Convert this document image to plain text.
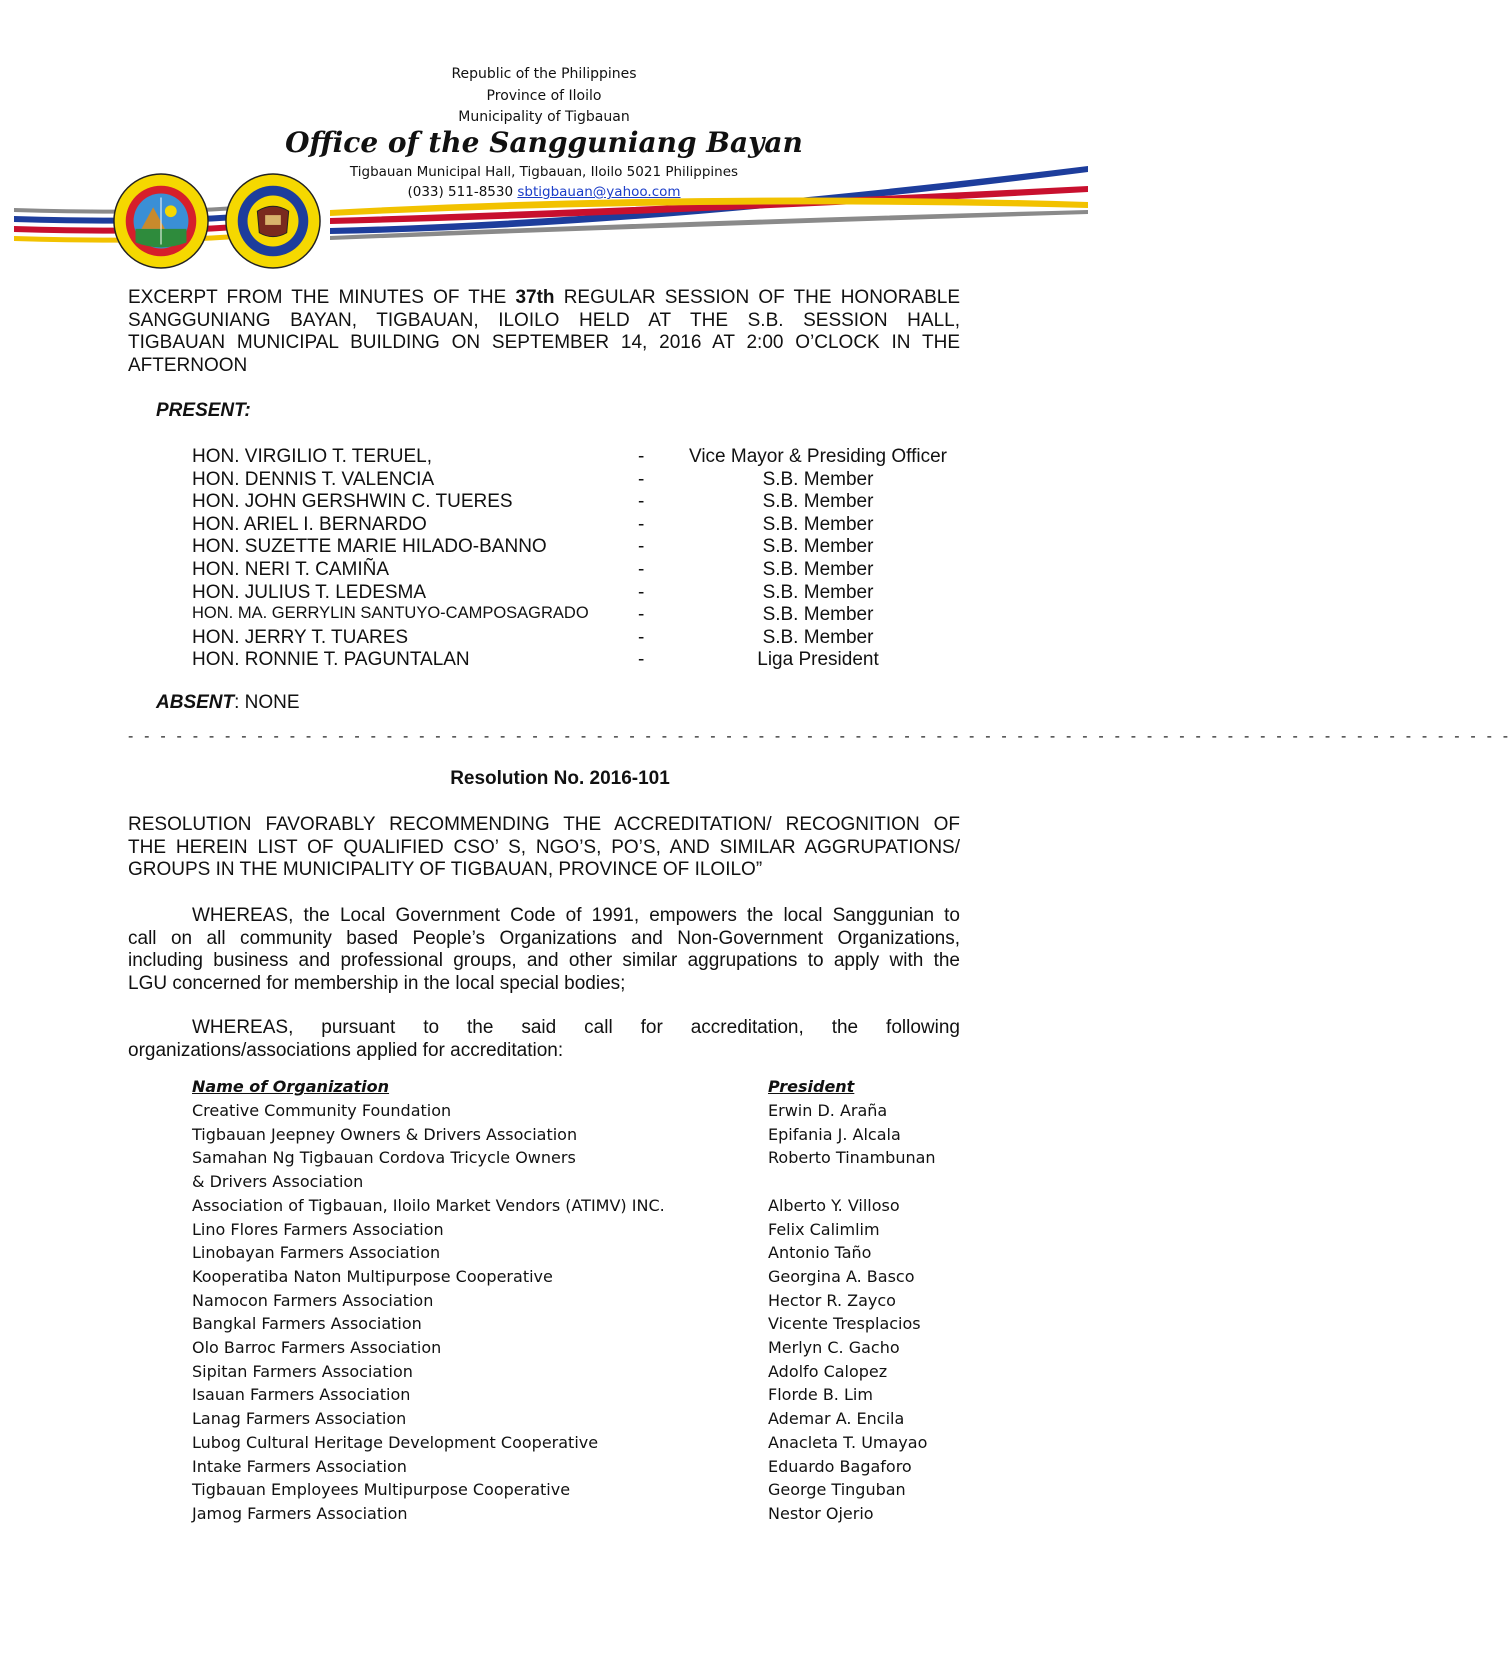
Republic of the Philippines
Province of Iloilo
Municipality of Tigbauan
Office of the Sangguniang Bayan
Tigbauan Municipal Hall, Tigbauan, Iloilo 5021 Philippines
(033) 511-8530 sbtigbauan@yahoo.com
EXCERPT FROM THE MINUTES OF THE 37th REGULAR SESSION OF THE HONORABLE
SANGGUNIANG BAYAN, TIGBAUAN, ILOILO HELD AT THE S.B. SESSION HALL,
TIGBAUAN MUNICIPAL BUILDING ON SEPTEMBER 14, 2016 AT 2:00 O’CLOCK IN THE
AFTERNOON
PRESENT:
HON. VIRGILIO T. TERUEL,	- Vice Mayor & Presiding Officer
HON. DENNIS T. VALENCIA	-	S.B. Member
HON. JOHN GERSHWIN C. TUERES	-	S.B. Member
HON. ARIEL I. BERNARDO	-	S.B. Member
HON. SUZETTE MARIE HILADO-BANNO	-	S.B. Member
HON. NERI T. CAMIÑA	-	S.B. Member
HON. JULIUS T. LEDESMA	-	S.B. Member
HON. MA. GERRYLIN SANTUYO-CAMPOSAGRADO	-	S.B. Member
HON. JERRY T. TUARES	-	S.B. Member
HON. RONNIE T. PAGUNTALAN	-	Liga President
ABSENT: NONE
- - - - - - - - - - - - - - - - - - - - - - - - - - - - - - - - - - - - - - - - - - - - - - - - - - - - - - - - - - - - - - - - - - - - - - - - - - - - - - - - - - - - - -
Resolution No. 2016-101
RESOLUTION FAVORABLY RECOMMENDING THE ACCREDITATION/ RECOGNITION OF
THE HEREIN LIST OF QUALIFIED CSO’ S, NGO’S, PO’S, AND SIMILAR AGGRUPATIONS/
GROUPS IN THE MUNICIPALITY OF TIGBAUAN, PROVINCE OF ILOILO”
WHEREAS, the Local Government Code of 1991, empowers the local Sanggunian to
call on all community based People’s Organizations and Non-Government Organizations,
including business and professional groups, and other similar aggrupations to apply with the
LGU concerned for membership in the local special bodies;
WHEREAS, pursuant to the said call for accreditation, the following
organizations/associations applied for accreditation:
Name of Organization	President
Creative Community Foundation	Erwin D. Araña
Tigbauan Jeepney Owners & Drivers Association	Epifania J. Alcala
Samahan Ng Tigbauan Cordova Tricycle Owners	Roberto Tinambunan
& Drivers Association
Association of Tigbauan, Iloilo Market Vendors (ATIMV) INC.	Alberto Y. Villoso
Lino Flores Farmers Association	Felix Calimlim
Linobayan Farmers Association	Antonio Taño
Kooperatiba Naton Multipurpose Cooperative	Georgina A. Basco
Namocon Farmers Association	Hector R. Zayco
Bangkal Farmers Association	Vicente Tresplacios
Olo Barroc Farmers Association	Merlyn C. Gacho
Sipitan Farmers Association	Adolfo Calopez
Isauan Farmers Association	Florde B. Lim
Lanag Farmers Association	Ademar A. Encila
Lubog Cultural Heritage Development Cooperative	Anacleta T. Umayao
Intake Farmers Association	Eduardo Bagaforo
Tigbauan Employees Multipurpose Cooperative	George Tinguban
Jamog Farmers Association	Nestor Ojerio
